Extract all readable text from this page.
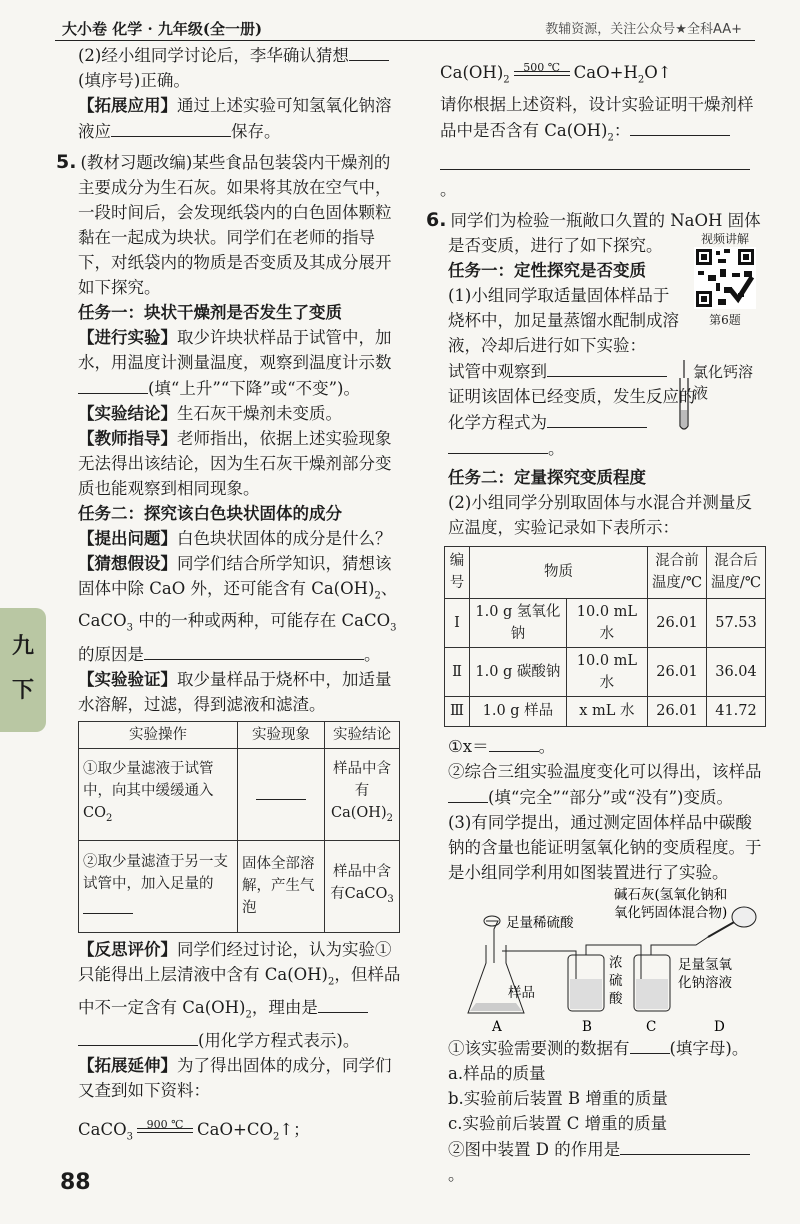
大小卷 化学 · 九年级(全一册)	教辅资源，关注公众号★全科AA+
九
下

(2)经小组同学讨论后，李华确认猜想(填序号)正确。

【拓展应用】通过上述实验可知氢氧化钠溶液应	保存。

5. (教材习题改编)某些食品包装袋内干燥剂的主要成分为生石灰。如果将其放在空气中，一段时间后，会发现纸袋内的白色固体颗粒黏在一起成为块状。同学们在老师的指导下，对纸袋内的物质是否变质及其成分展开如下探究。

任务一：块状干燥剂是否发生了变质

【进行实验】取少许块状样品于试管中，加水，用温度计测量温度，观察到温度计示数
(填“上升”“下降”或“不变”)。

【实验结论】生石灰干燥剂未变质。

【教师指导】老师指出，依据上述实验现象无法得出该结论，因为生石灰干燥剂部分变质也能观察到相同现象。

任务二：探究该白色块状固体的成分

【提出问题】白色块状固体的成分是什么？

【猜想假设】同学们结合所学知识，猜想该固体中除 CaO 外，还可能含有 $Ca(OH)_2$、CaCO$_3$ 中的一种或两种，可能存在 CaCO$_3$
的原因是	。

【实验验证】取少量样品于烧杯中，加适量水溶解，过滤，得到滤液和滤渣。

实验操作	实验现象	实验结论
①取少量滤液于试管中，向其中缓缓通入$CO_2$		样品中含有$Ca(OH)_2$
②取少量滤渣于另一支试管中，加入足量的	固体全部溶解，产生气泡	样品中含有CaCO$_3$

【反思评价】同学们经过讨论，认为实验①只能得出上层清液中含有 $Ca(OH)_2$，但样品中不一定含有 $Ca(OH)_2$，理由是
(用化学方程式表示)。

【拓展延伸】为了得出固体的成分，同学们又查到如下资料：

CaCO$_3$
900 ℃ $CaO+CO_2↑$；

$Ca(OH)_2$
500 ℃ $CaO+H_2O↑$

请你根据上述资料，设计实验证明干燥剂样品中是否含有 $Ca(OH)_2$：
。

6. 同学们为检验一瓶敞口久置的 NaOH 固体是否变质，进行了如下探究。

任务一：定性探究是否变质

(1)小组同学取适量固体样品于烧杯中，加足量蒸馏水配制成溶液，冷却后进行如下实验：

视频讲解
第6题

试管中观察到
证明该固体已经变质，发生反应的化学方程式为
。

氯化钙溶液

任务二：定量探究变质程度

(2)小组同学分别取固体与水混合并测量反应温度，实验记录如下表所示：

编号	物质		混合前温度/℃	混合后温度/℃
Ⅰ	1.0 g 氢氧化钠	10.0 mL 水	26.01	57.53
Ⅱ	1.0 g 碳酸钠	10.0 mL 水	26.01	36.04
Ⅲ	1.0 g 样品	x mL 水	26.01	41.72

①x＝	。

②综合三组实验温度变化可以得出，该样品
(填“完全”“部分”或“没有”)变质。

(3)有同学提出，通过测定固体样品中碳酸钠的含量也能证明氢氧化钠的变质程度。于是小组同学利用如图装置进行了实验。

碱石灰(氢氧化钠和
氧化钙固体混合物)
足量稀硫酸
样品
浓
硫
酸
足量氢氧
化钠溶液
A	B	C	D

①该实验需要测的数据有 (填字母)。

a.样品的质量

b.实验前后装置 B 增重的质量

c.实验前后装置 C 增重的质量

②图中装置 D 的作用是。

88
